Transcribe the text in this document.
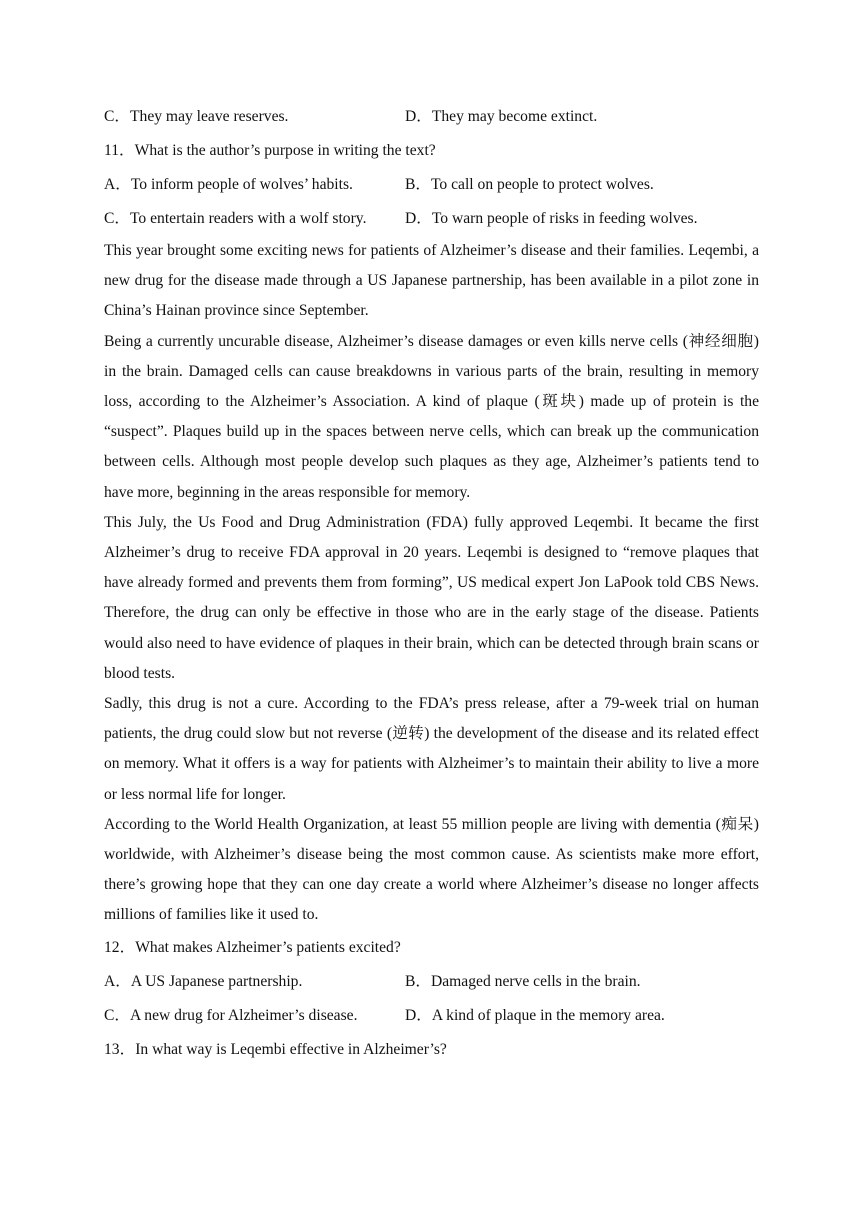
C．They may leave reserves.	D．They may become extinct.
11．What is the author’s purpose in writing the text?
A．To inform people of wolves’ habits.	B．To call on people to protect wolves.
C．To entertain readers with a wolf story. D．To warn people of risks in feeding wolves.

This year brought some exciting news for patients of Alzheimer’s disease and their families. Leqembi, a new drug for the disease made through a US Japanese partnership, has been available in a pilot zone in China’s Hainan province since September.

Being a currently uncurable disease, Alzheimer’s disease damages or even kills nerve cells (神经细胞) in the brain. Damaged cells can cause breakdowns in various parts of the brain, resulting in memory loss, according to the Alzheimer’s Association. A kind of plaque (斑块) made up of protein is the “suspect”. Plaques build up in the spaces between nerve cells, which can break up the communication between cells. Although most people develop such plaques as they age, Alzheimer’s patients tend to have more, beginning in the areas responsible for memory.

This July, the Us Food and Drug Administration (FDA) fully approved Leqembi. It became the first Alzheimer’s drug to receive FDA approval in 20 years. Leqembi is designed to “remove plaques that have already formed and prevents them from forming”, US medical expert Jon LaPook told CBS News. Therefore, the drug can only be effective in those who are in the early stage of the disease. Patients would also need to have evidence of plaques in their brain, which can be detected through brain scans or blood tests.

Sadly, this drug is not a cure. According to the FDA’s press release, after a 79-week trial on human patients, the drug could slow but not reverse (逆转) the development of the disease and its related effect on memory. What it offers is a way for patients with Alzheimer’s to maintain their ability to live a more or less normal life for longer.

According to the World Health Organization, at least 55 million people are living with dementia (痴呆) worldwide, with Alzheimer’s disease being the most common cause. As scientists make more effort, there’s growing hope that they can one day create a world where Alzheimer’s disease no longer affects millions of families like it used to.

12．What makes Alzheimer’s patients excited?
A．A US Japanese partnership.	B．Damaged nerve cells in the brain.
C．A new drug for Alzheimer’s disease.	D．A kind of plaque in the memory area.
13．In what way is Leqembi effective in Alzheimer’s?
